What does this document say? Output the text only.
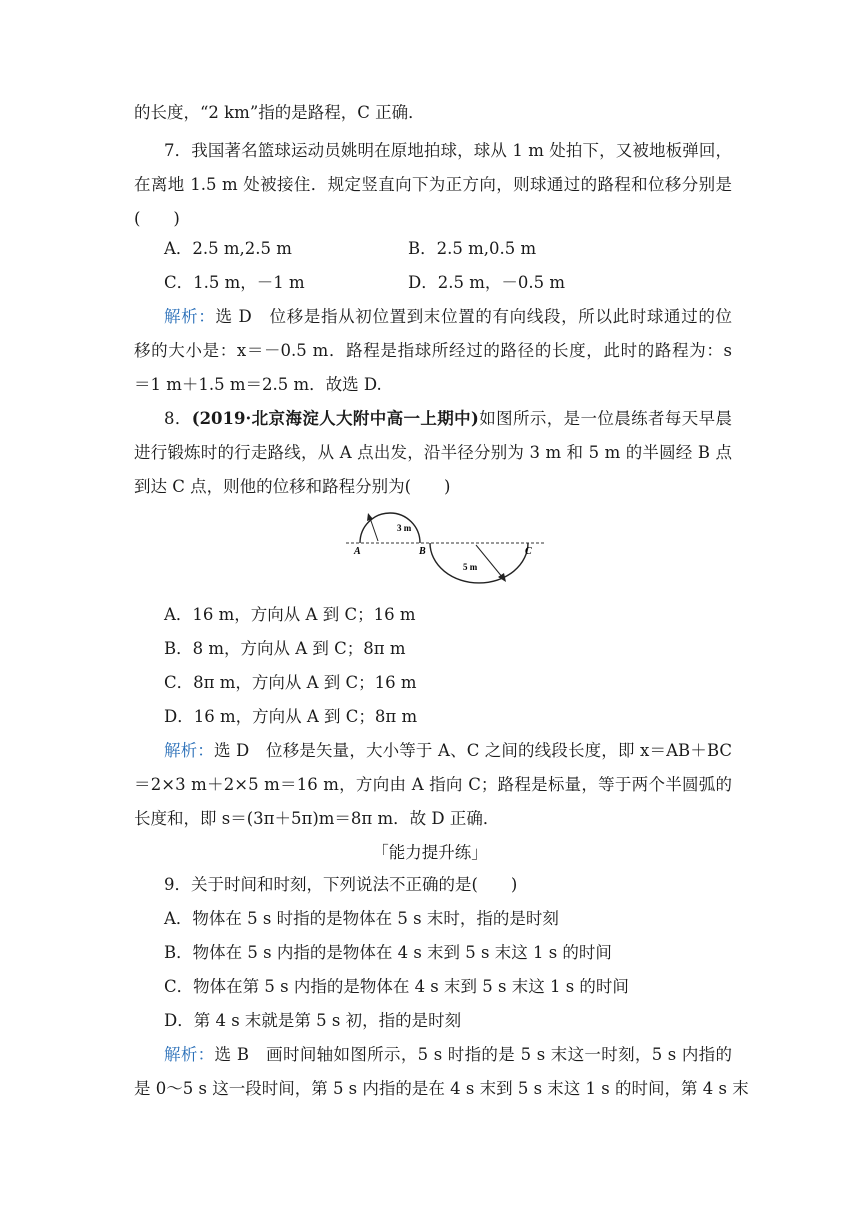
的长度，“2 km”指的是路程，C 正确．
7．我国著名篮球运动员姚明在原地拍球，球从 1 m 处拍下，又被地板弹回，
在离地 1.5 m 处被接住．规定竖直向下为正方向，则球通过的路程和位移分别是
(　　)
A．2.5 m,2.5 m	B．2.5 m,0.5 m
C．1.5 m，－1 m	D．2.5 m，－0.5 m
解析：选 D　位移是指从初位置到末位置的有向线段，所以此时球通过的位
移的大小是：x＝－0.5 m．路程是指球所经过的路径的长度，此时的路程为：s
＝1 m＋1.5 m＝2.5 m．故选 D.
8．(2019·北京海淀人大附中高一上期中)如图所示，是一位晨练者每天早晨
进行锻炼时的行走路线，从 A 点出发，沿半径分别为 3 m 和 5 m 的半圆经 B 点
到达 C 点，则他的位移和路程分别为(　　)
A	B	C
3 m
5 m
A．16 m，方向从 A 到 C；16 m
B．8 m，方向从 A 到 C；8π m
C．8π m，方向从 A 到 C；16 m
D．16 m，方向从 A 到 C；8π m
解析：选 D　位移是矢量，大小等于 A、C 之间的线段长度，即 x＝AB＋BC
＝2×3 m＋2×5 m＝16 m，方向由 A 指向 C；路程是标量，等于两个半圆弧的
长度和，即 s＝(3π＋5π)m＝8π m．故 D 正确．
「能力提升练」
9．关于时间和时刻，下列说法不正确的是(　　)
A．物体在 5 s 时指的是物体在 5 s 末时，指的是时刻
B．物体在 5 s 内指的是物体在 4 s 末到 5 s 末这 1 s 的时间
C．物体在第 5 s 内指的是物体在 4 s 末到 5 s 末这 1 s 的时间
D．第 4 s 末就是第 5 s 初，指的是时刻
解析：选 B　画时间轴如图所示，5 s 时指的是 5 s 末这一时刻，5 s 内指的
是 0～5 s 这一段时间，第 5 s 内指的是在 4 s 末到 5 s 末这 1 s 的时间，第 4 s 末
